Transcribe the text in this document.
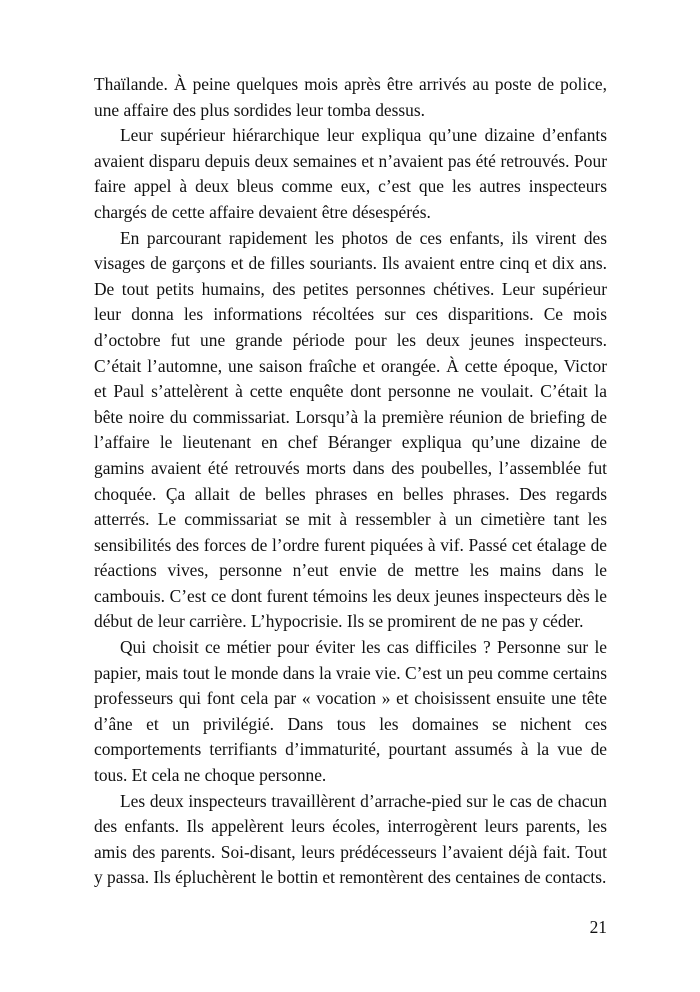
Thaïlande. À peine quelques mois après être arrivés au poste de police, une affaire des plus sordides leur tomba dessus.

Leur supérieur hiérarchique leur expliqua qu’une dizaine d’enfants avaient disparu depuis deux semaines et n’avaient pas été retrouvés. Pour faire appel à deux bleus comme eux, c’est que les autres inspecteurs chargés de cette affaire devaient être désespérés.

En parcourant rapidement les photos de ces enfants, ils virent des visages de garçons et de filles souriants. Ils avaient entre cinq et dix ans. De tout petits humains, des petites personnes chétives. Leur supérieur leur donna les informations récoltées sur ces disparitions. Ce mois d’octobre fut une grande période pour les deux jeunes inspecteurs. C’était l’automne, une saison fraîche et orangée. À cette époque, Victor et Paul s’attelèrent à cette enquête dont personne ne voulait. C’était la bête noire du commissariat. Lorsqu’à la première réunion de briefing de l’affaire le lieutenant en chef Béranger expliqua qu’une dizaine de gamins avaient été retrouvés morts dans des poubelles, l’assemblée fut choquée. Ça allait de belles phrases en belles phrases. Des regards atterrés. Le commissariat se mit à ressembler à un cimetière tant les sensibilités des forces de l’ordre furent piquées à vif. Passé cet étalage de réactions vives, personne n’eut envie de mettre les mains dans le cambouis. C’est ce dont furent témoins les deux jeunes inspecteurs dès le début de leur carrière. L’hypocrisie. Ils se promirent de ne pas y céder.

Qui choisit ce métier pour éviter les cas difficiles ? Personne sur le papier, mais tout le monde dans la vraie vie. C’est un peu comme certains professeurs qui font cela par « vocation » et choisissent ensuite une tête d’âne et un privilégié. Dans tous les domaines se nichent ces comportements terrifiants d’immaturité, pourtant assumés à la vue de tous. Et cela ne choque personne.

Les deux inspecteurs travaillèrent d’arrache-pied sur le cas de chacun des enfants. Ils appelèrent leurs écoles, interrogèrent leurs parents, les amis des parents. Soi-disant, leurs prédécesseurs l’avaient déjà fait. Tout y passa. Ils épluchèrent le bottin et remontèrent des centaines de contacts.

21
